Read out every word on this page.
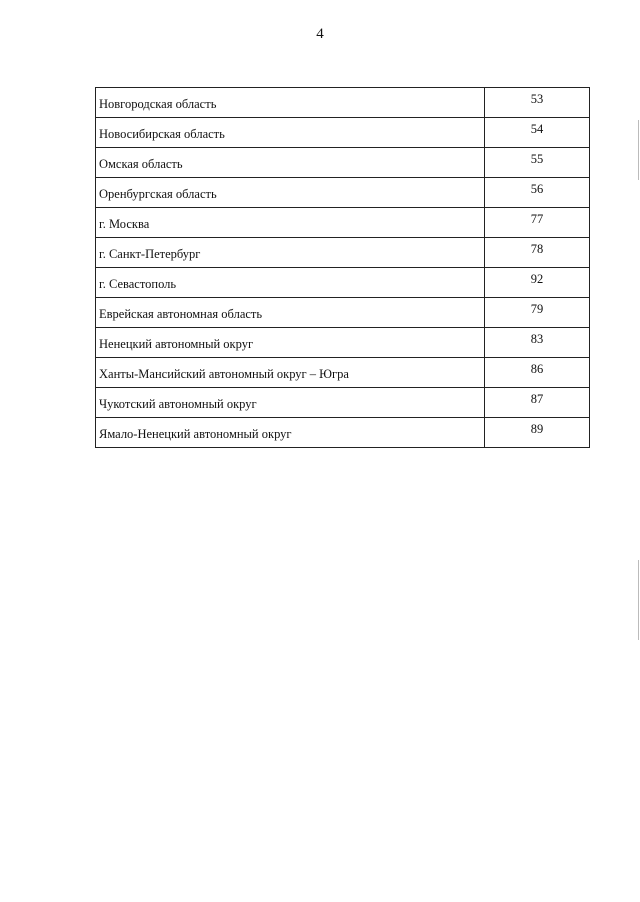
4
Новгородская область	53
Новосибирская область	54
Омская область	55
Оренбургская область	56
г. Москва	77
г. Санкт-Петербург	78
г. Севастополь	92
Еврейская автономная область	79
Ненецкий автономный округ	83
Ханты-Мансийский автономный округ – Югра	86
Чукотский автономный округ	87
Ямало-Ненецкий автономный округ	89
